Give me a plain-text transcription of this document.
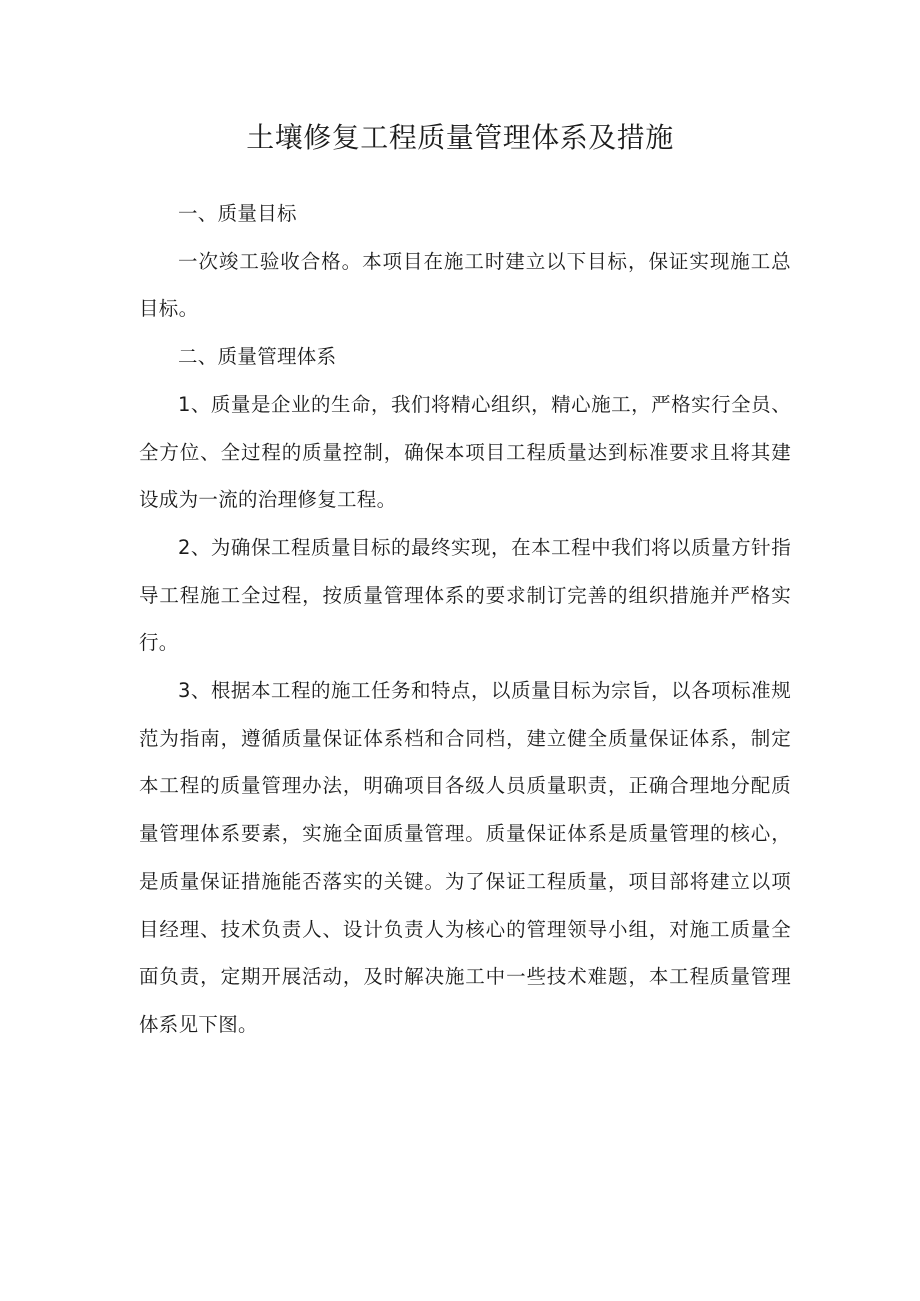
土壤修复工程质量管理体系及措施

一、质量目标

一次竣工验收合格。本项目在施工时建立以下目标，保证实现施工总目标。

二、质量管理体系

1、质量是企业的生命，我们将精心组织，精心施工，严格实行全员、全方位、全过程的质量控制，确保本项目工程质量达到标准要求且将其建设成为一流的治理修复工程。

2、为确保工程质量目标的最终实现，在本工程中我们将以质量方针指导工程施工全过程，按质量管理体系的要求制订完善的组织措施并严格实行。

3、根据本工程的施工任务和特点，以质量目标为宗旨，以各项标准规范为指南，遵循质量保证体系档和合同档，建立健全质量保证体系，制定本工程的质量管理办法，明确项目各级人员质量职责，正确合理地分配质量管理体系要素，实施全面质量管理。质量保证体系是质量管理的核心，是质量保证措施能否落实的关键。为了保证工程质量，项目部将建立以项目经理、技术负责人、设计负责人为核心的管理领导小组，对施工质量全面负责，定期开展活动，及时解决施工中一些技术难题，本工程质量管理体系见下图。
